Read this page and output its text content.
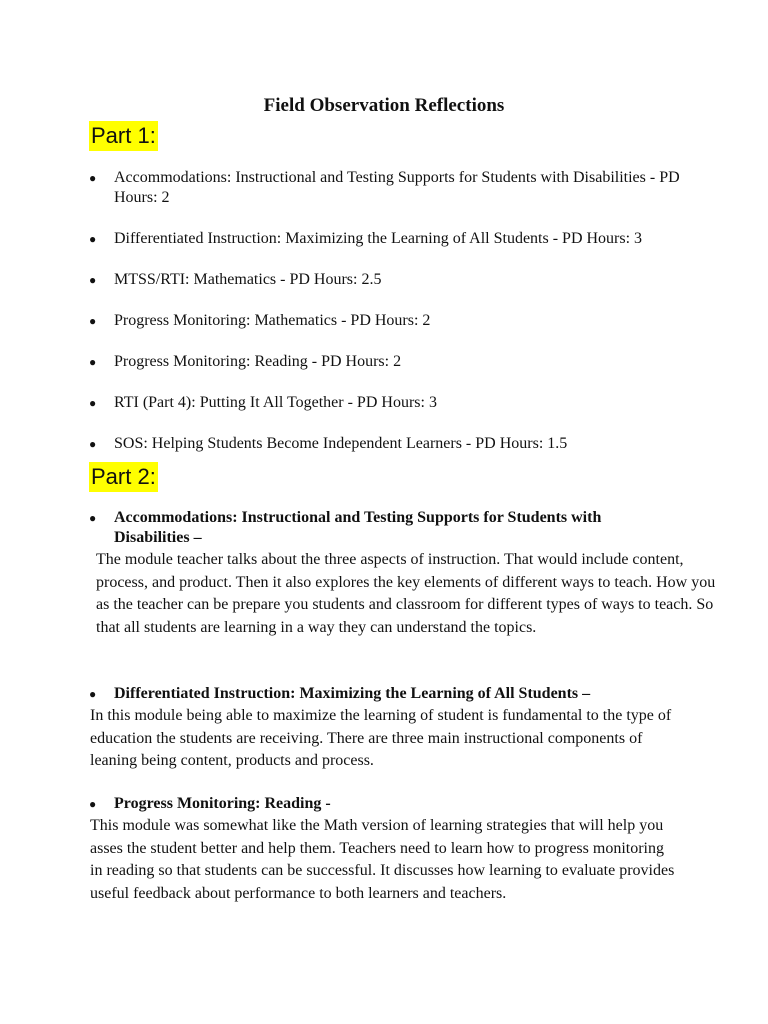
Field Observation Reflections
Part 1:
● Accommodations: Instructional and Testing Supports for Students with Disabilities - PD Hours: 2
● Differentiated Instruction: Maximizing the Learning of All Students - PD Hours: 3
● MTSS/RTI: Mathematics - PD Hours: 2.5
● Progress Monitoring: Mathematics - PD Hours: 2
● Progress Monitoring: Reading - PD Hours: 2
● RTI (Part 4): Putting It All Together - PD Hours: 3
● SOS: Helping Students Become Independent Learners - PD Hours: 1.5
Part 2:
● Accommodations: Instructional and Testing Supports for Students with Disabilities –

The module teacher talks about the three aspects of instruction. That would include content, process, and product. Then it also explores the key elements of different ways to teach. How you as the teacher can be prepare you students and classroom for different types of ways to teach. So that all students are learning in a way they can understand the topics.

● Differentiated Instruction: Maximizing the Learning of All Students –

In this module being able to maximize the learning of student is fundamental to the type of education the students are receiving. There are three main instructional components of leaning being content, products and process.

● Progress Monitoring: Reading -

This module was somewhat like the Math version of learning strategies that will help you asses the student better and help them. Teachers need to learn how to progress monitoring in reading so that students can be successful. It discusses how learning to evaluate provides useful feedback about performance to both learners and teachers.
